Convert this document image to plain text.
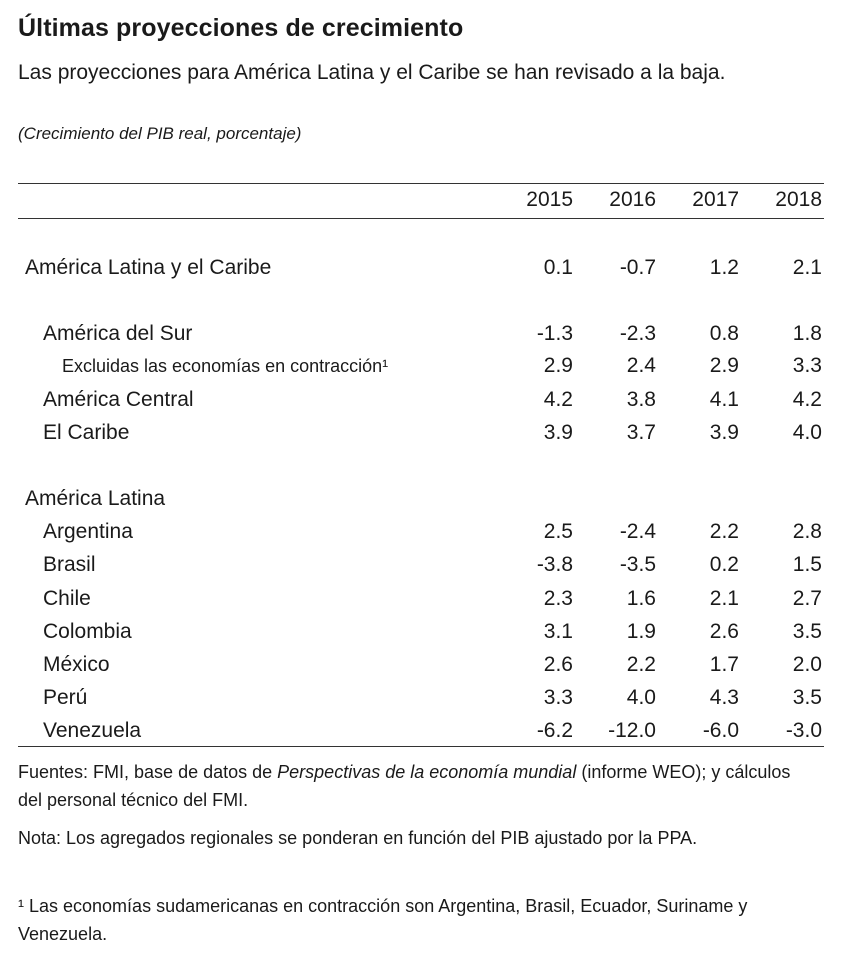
Últimas proyecciones de crecimiento
Las proyecciones para América Latina y el Caribe se han revisado a la baja.
(Crecimiento del PIB real, porcentaje)
2015	2016	2017	2018
América Latina y el Caribe	0.1	-0.7	1.2	2.1
América del Sur	-1.3	-2.3	0.8	1.8
Excluidas las economías en contracción¹	2.9	2.4	2.9	3.3
América Central	4.2	3.8	4.1	4.2
El Caribe	3.9	3.7	3.9	4.0
América Latina
Argentina	2.5	-2.4	2.2	2.8
Brasil	-3.8	-3.5	0.2	1.5
Chile	2.3	1.6	2.1	2.7
Colombia	3.1	1.9	2.6	3.5
México	2.6	2.2	1.7	2.0
Perú	3.3	4.0	4.3	3.5
Venezuela	-6.2	-12.0	-6.0	-3.0
Fuentes: FMI, base de datos de Perspectivas de la economía mundial (informe WEO); y cálculos del personal técnico del FMI.
Nota: Los agregados regionales se ponderan en función del PIB ajustado por la PPA.
¹ Las economías sudamericanas en contracción son Argentina, Brasil, Ecuador, Suriname y Venezuela.
